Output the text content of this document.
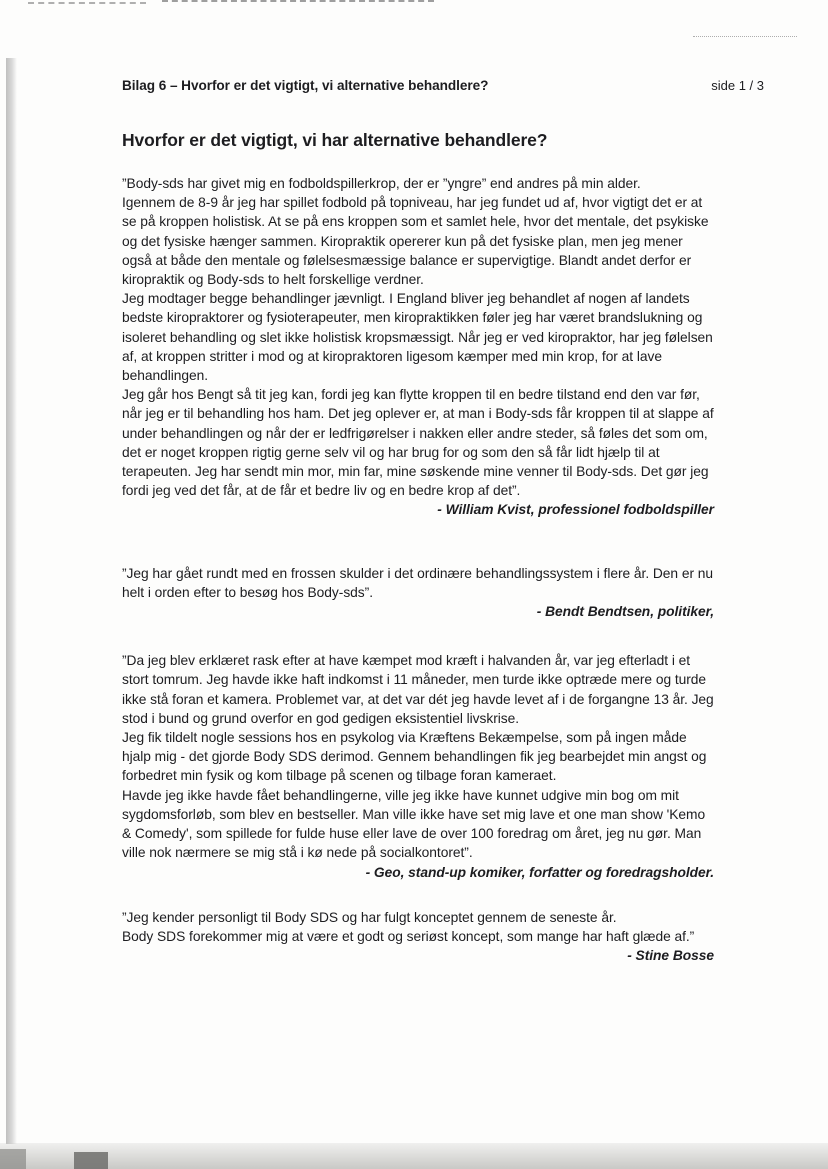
Bilag 6 – Hvorfor er det vigtigt, vi alternative behandlere?	side 1 / 3
Hvorfor er det vigtigt, vi har alternative behandlere?

”Body-sds har givet mig en fodboldspillerkrop, der er ”yngre” end andres på min alder.

Igennem de 8-9 år jeg har spillet fodbold på topniveau, har jeg fundet ud af, hvor vigtigt det er at se på kroppen holistisk. At se på ens kroppen som et samlet hele, hvor det mentale, det psykiske og det fysiske hænger sammen. Kiropraktik opererer kun på det fysiske plan, men jeg mener også at både den mentale og følelsesmæssige balance er supervigtige. Blandt andet derfor er kiropraktik og Body-sds to helt forskellige verdner.

Jeg modtager begge behandlinger jævnligt. I England bliver jeg behandlet af nogen af landets bedste kiropraktorer og fysioterapeuter, men kiropraktikken føler jeg har været brandslukning og isoleret behandling og slet ikke holistisk kropsmæssigt. Når jeg er ved kiropraktor, har jeg følelsen af, at kroppen stritter i mod og at kiropraktoren ligesom kæmper med min krop, for at lave behandlingen.

Jeg går hos Bengt så tit jeg kan, fordi jeg kan flytte kroppen til en bedre tilstand end den var før, når jeg er til behandling hos ham. Det jeg oplever er, at man i Body-sds får kroppen til at slappe af under behandlingen og når der er ledfrigørelser i nakken eller andre steder, så føles det som om, det er noget kroppen rigtig gerne selv vil og har brug for og som den så får lidt hjælp til at terapeuten. Jeg har sendt min mor, min far, mine søskende mine venner til Body-sds. Det gør jeg fordi jeg ved det får, at de får et bedre liv og en bedre krop af det”.

- William Kvist, professionel fodboldspiller

”Jeg har gået rundt med en frossen skulder i det ordinære behandlingssystem i flere år. Den er nu helt i orden efter to besøg hos Body-sds”.

- Bendt Bendtsen, politiker,

”Da jeg blev erklæret rask efter at have kæmpet mod kræft i halvanden år, var jeg efterladt i et stort tomrum. Jeg havde ikke haft indkomst i 11 måneder, men turde ikke optræde mere og turde ikke stå foran et kamera. Problemet var, at det var dét jeg havde levet af i de forgangne 13 år. Jeg stod i bund og grund overfor en god gedigen eksistentiel livskrise.

Jeg fik tildelt nogle sessions hos en psykolog via Kræftens Bekæmpelse, som på ingen måde hjalp mig - det gjorde Body SDS derimod. Gennem behandlingen fik jeg bearbejdet min angst og forbedret min fysik og kom tilbage på scenen og tilbage foran kameraet.

Havde jeg ikke havde fået behandlingerne, ville jeg ikke have kunnet udgive min bog om mit sygdomsforløb, som blev en bestseller. Man ville ikke have set mig lave et one man show 'Kemo & Comedy', som spillede for fulde huse eller lave de over 100 foredrag om året, jeg nu gør. Man ville nok nærmere se mig stå i kø nede på socialkontoret”.

- Geo, stand-up komiker, forfatter og foredragsholder.

”Jeg kender personligt til Body SDS og har fulgt konceptet gennem de seneste år.

Body SDS forekommer mig at være et godt og seriøst koncept, som mange har haft glæde af.”

- Stine Bosse
